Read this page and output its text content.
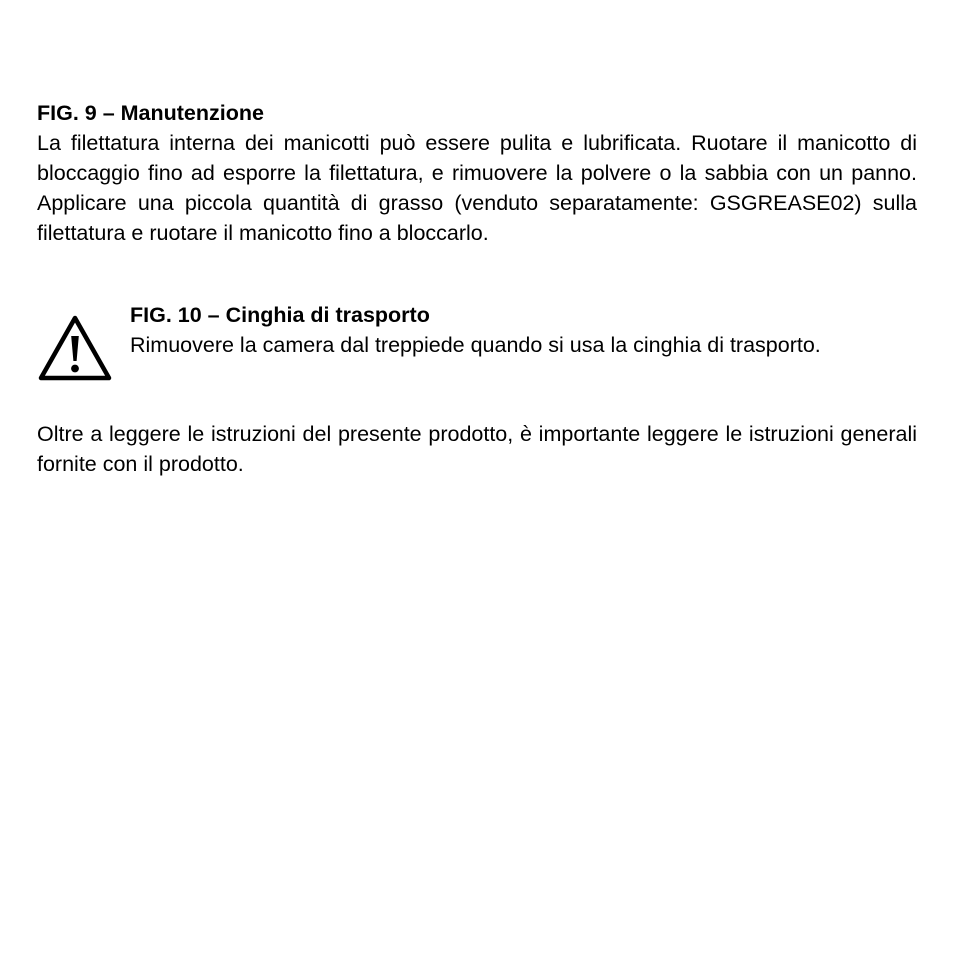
FIG. 9 – Manutenzione

La filettatura interna dei manicotti può essere pulita e lubrificata. Ruotare il manicotto di bloccaggio fino ad esporre la filettatura, e rimuovere la polvere o la sabbia con un panno. Applicare una piccola quantità di grasso (venduto separatamente: GSGREASE02) sulla filettatura e ruotare il manicotto fino a bloccarlo.

FIG. 10 – Cinghia di trasporto

Rimuovere la camera dal treppiede quando si usa la cinghia di trasporto.

Oltre a leggere le istruzioni del presente prodotto, è importante leggere le istruzioni generali fornite con il prodotto.
